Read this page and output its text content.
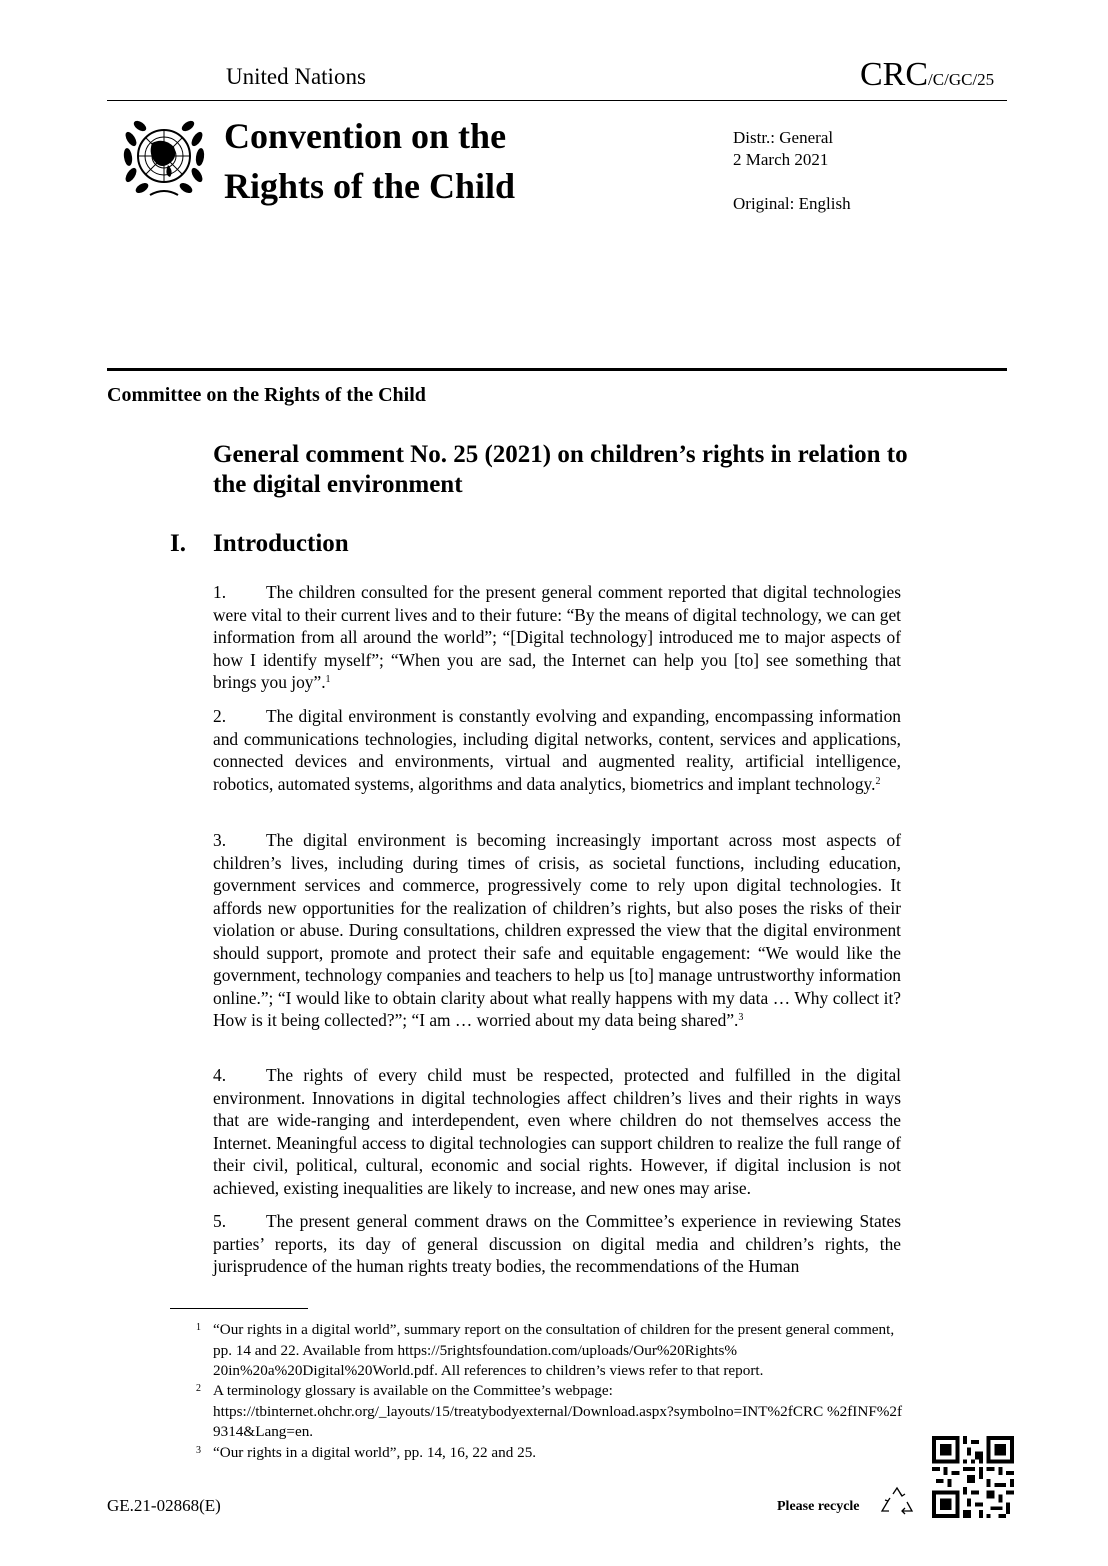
United Nations	CRC/C/GC/25
Convention on the
Rights of the Child
Distr.: General
2 March 2021
Original: English
Committee on the Rights of the Child
General comment No. 25 (2021) on children’s rights in relation to the digital environment
I. Introduction
1. The children consulted for the present general comment reported that digital technologies were vital to their current lives and to their future: “By the means of digital technology, we can get information from all around the world”; “[Digital technology] introduced me to major aspects of how I identify myself”; “When you are sad, the Internet can help you [to] see something that brings you joy”.$^1$
2. The digital environment is constantly evolving and expanding, encompassing information and communications technologies, including digital networks, content, services and applications, connected devices and environments, virtual and augmented reality, artificial intelligence, robotics, automated systems, algorithms and data analytics, biometrics and implant technology.$^2$
3. The digital environment is becoming increasingly important across most aspects of children’s lives, including during times of crisis, as societal functions, including education, government services and commerce, progressively come to rely upon digital technologies. It affords new opportunities for the realization of children’s rights, but also poses the risks of their violation or abuse. During consultations, children expressed the view that the digital environment should support, promote and protect their safe and equitable engagement: “We would like the government, technology companies and teachers to help us [to] manage untrustworthy information online.”; “I would like to obtain clarity about what really happens with my data … Why collect it? How is it being collected?”; “I am … worried about my data being shared”.$^3$
4. The rights of every child must be respected, protected and fulfilled in the digital environment. Innovations in digital technologies affect children’s lives and their rights in ways that are wide-ranging and interdependent, even where children do not themselves access the Internet. Meaningful access to digital technologies can support children to realize the full range of their civil, political, cultural, economic and social rights. However, if digital inclusion is not achieved, existing inequalities are likely to increase, and new ones may arise.
5. The present general comment draws on the Committee’s experience in reviewing States parties’ reports, its day of general discussion on digital media and children’s rights, the jurisprudence of the human rights treaty bodies, the recommendations of the Human
1 “Our rights in a digital world”, summary report on the consultation of children for the present general comment, pp. 14 and 22. Available from https://5rightsfoundation.com/uploads/Our%20Rights% 20in%20a%20Digital%20World.pdf. All references to children’s views refer to that report.
2 A terminology glossary is available on the Committee’s webpage:
https://tbinternet.ohchr.org/_layouts/15/treatybodyexternal/Download.aspx?symbolno=INT%2fCRC %2fINF%2f9314&Lang=en.
3 “Our rights in a digital world”, pp. 14, 16, 22 and 25.
GE.21-02868(E)	Please recycle
